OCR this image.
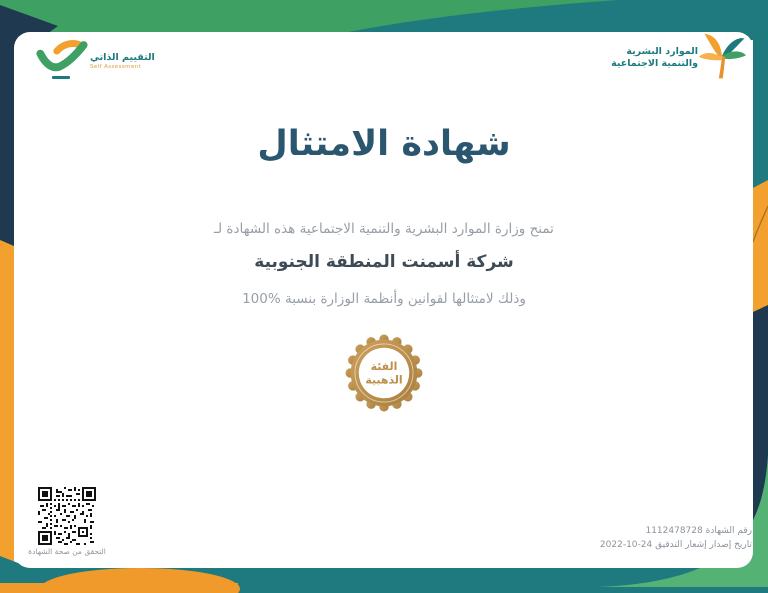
التقييم الذاتي
Self Assessment
الموارد البشرية
والتنمية الاجتماعية
شهادة الامتثال

تمنح وزارة الموارد البشرية والتنمية الاجتماعية هذه الشهادة لـ

شركة أسمنت المنطقة الجنوبية

وذلك لامتثالها لقوانين وأنظمة الوزارة بنسبة %100

الفئة
الذهبية
التحقق من صحة الشهادة
رقم الشهادة 1112478728
تاريخ إصدار إشعار التدقيق 24-10-2022
